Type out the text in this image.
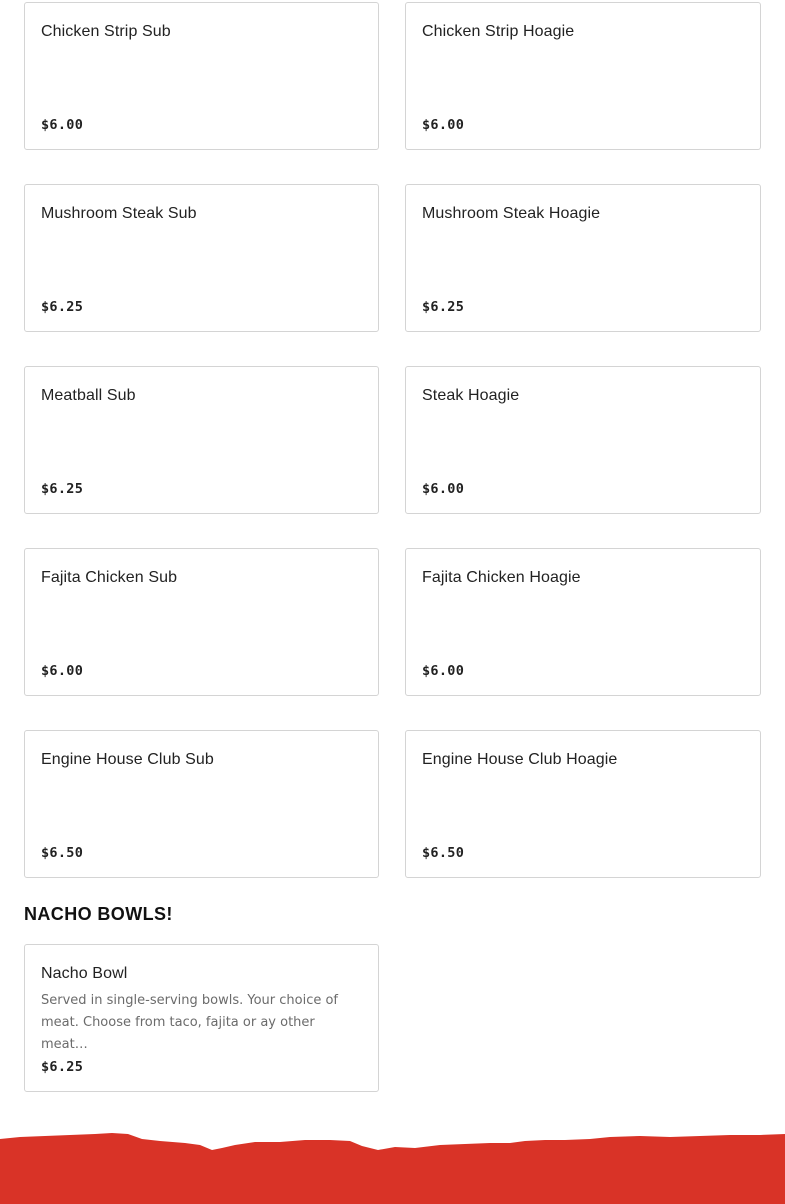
Chicken Strip Sub
$6.00
Chicken Strip Hoagie
$6.00
Mushroom Steak Sub
$6.25
Mushroom Steak Hoagie
$6.25
Meatball Sub
$6.25
Steak Hoagie
$6.00
Fajita Chicken Sub
$6.00
Fajita Chicken Hoagie
$6.00
Engine House Club Sub
$6.50
Engine House Club Hoagie
$6.50
NACHO BOWLS!
Nacho Bowl
Served in single-serving bowls. Your choice of meat. Choose from taco, fajita or ay other meat…
$6.25
